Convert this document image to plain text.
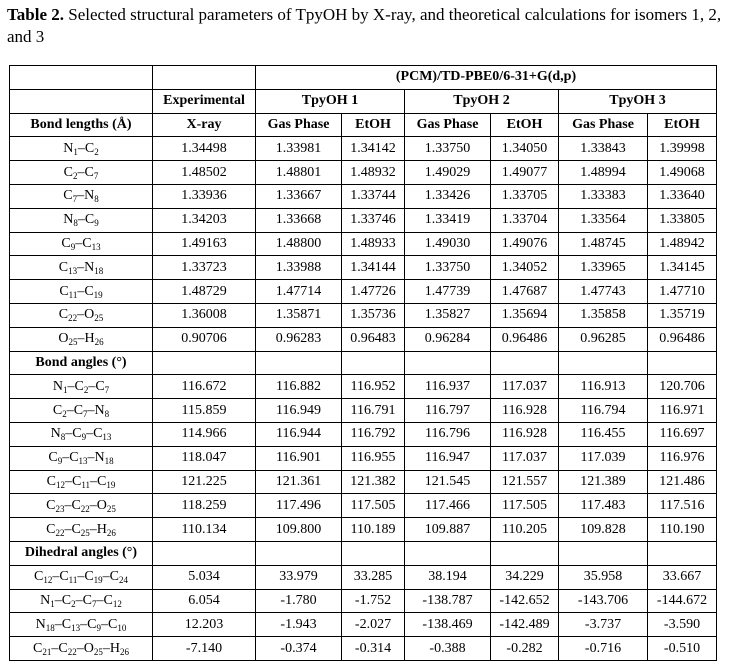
Table 2. Selected structural parameters of TpyOH by X-ray, and theoretical calculations for isomers 1, 2, and 3
		(PCM)/TD-PBE0/6-31+G(d,p)					
	Experimental	TpyOH 1		TpyOH 2		TpyOH 3	
Bond lengths (Å)	X-ray	Gas Phase	EtOH	Gas Phase	EtOH	Gas Phase	EtOH
$N_1-C_2$	1.34498	1.33981	1.34142	1.33750	1.34050	1.33843	1.39998
$C_2-C_7$	1.48502	1.48801	1.48932	1.49029	1.49077	1.48994	1.49068
$C_7-N_8$	1.33936	1.33667	1.33744	1.33426	1.33705	1.33383	1.33640
$N_8-C_9$	1.34203	1.33668	1.33746	1.33419	1.33704	1.33564	1.33805
$C_9-C_{13}$	1.49163	1.48800	1.48933	1.49030	1.49076	1.48745	1.48942
$C_{13}-N_{18}$	1.33723	1.33988	1.34144	1.33750	1.34052	1.33965	1.34145
$C_{11}-C_{19}$	1.48729	1.47714	1.47726	1.47739	1.47687	1.47743	1.47710
$C_{22}-O_{25}$	1.36008	1.35871	1.35736	1.35827	1.35694	1.35858	1.35719
$O_{25}-H_{26}$	0.90706	0.96283	0.96483	0.96284	0.96486	0.96285	0.96486
Bond angles (°)							
$N_1-C_2-C_7$	116.672	116.882	116.952	116.937	117.037	116.913	120.706
$C_2-C_7-N_8$	115.859	116.949	116.791	116.797	116.928	116.794	116.971
$N_8-C_9-C_{13}$	114.966	116.944	116.792	116.796	116.928	116.455	116.697
$C_9-C_{13}-N_{18}$	118.047	116.901	116.955	116.947	117.037	117.039	116.976
$C_{12}-C_{11}-C_{19}$	121.225	121.361	121.382	121.545	121.557	121.389	121.486
$C_{23}-C_{22}-O_{25}$	118.259	117.496	117.505	117.466	117.505	117.483	117.516
$C_{22}-C_{25}-H_{26}$	110.134	109.800	110.189	109.887	110.205	109.828	110.190
Dihedral angles (°)							
$C_{12}-C_{11}-C_{19}-C_{24}$	5.034	33.979	33.285	38.194	34.229	35.958	33.667
$N_1-C_2-C_7-C_{12}$	6.054	-1.780	-1.752	-138.787	-142.652	-143.706	-144.672
$N_{18}-C_{13}-C_9-C_{10}$	12.203	-1.943	-2.027	-138.469	-142.489	-3.737	-3.590
$C_{21}-C_{22}-O_{25}-H_{26}$	-7.140	-0.374	-0.314	-0.388	-0.282	-0.716	-0.510
